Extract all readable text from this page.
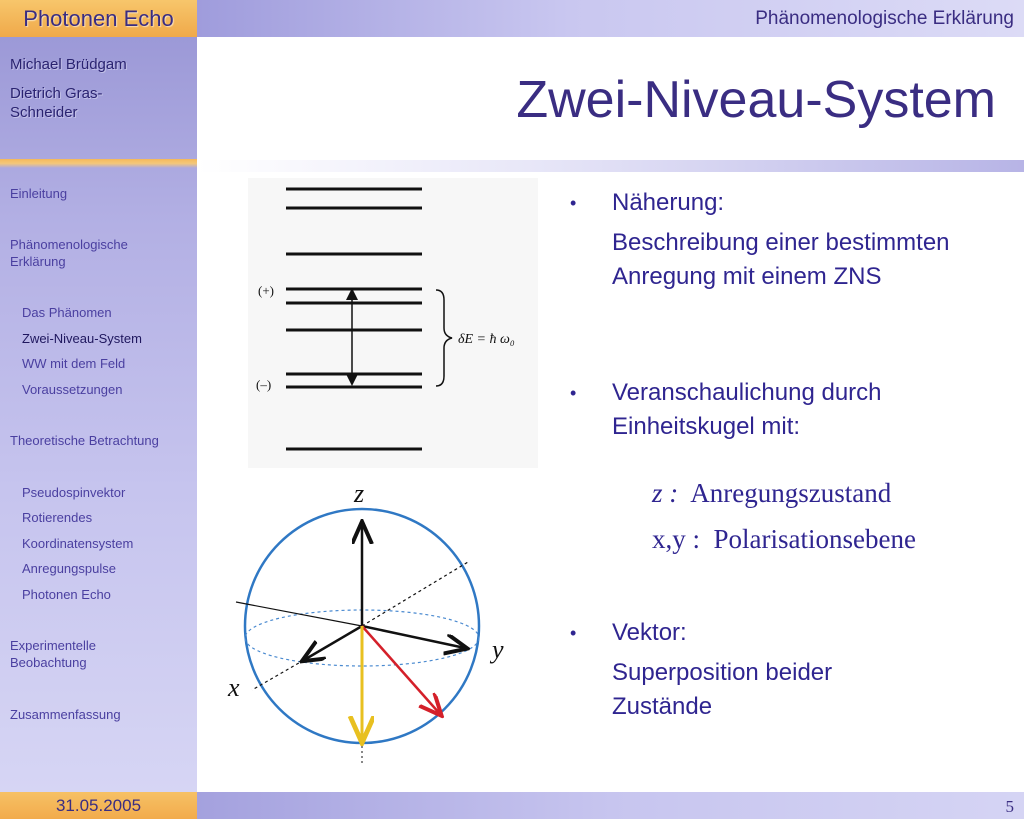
Photonen Echo	Phänomenologische Erklärung
Michael Brüdgam
Dietrich Gras-
Schneider
Einleitung
Phänomenologische Erklärung
Das Phänomen
Zwei-Niveau-System
WW mit dem Feld
Voraussetzungen
Theoretische Betrachtung
Pseudospinvektor
Rotierendes
Koordinatensystem
Anregungspulse
Photonen Echo
Experimentelle Beobachtung
Zusammenfassung
Zwei-Niveau-System
(+)
(–)
δE = ħ ω₀
z
y
x
•	Näherung:
Beschreibung einer bestimmten Anregung mit einem ZNS
•	Veranschaulichung durch Einheitskugel mit:
•	Vektor:
Superposition beider Zustände
z : Anregungszustand
x,y : Polarisationsebene
31.05.2005	5
